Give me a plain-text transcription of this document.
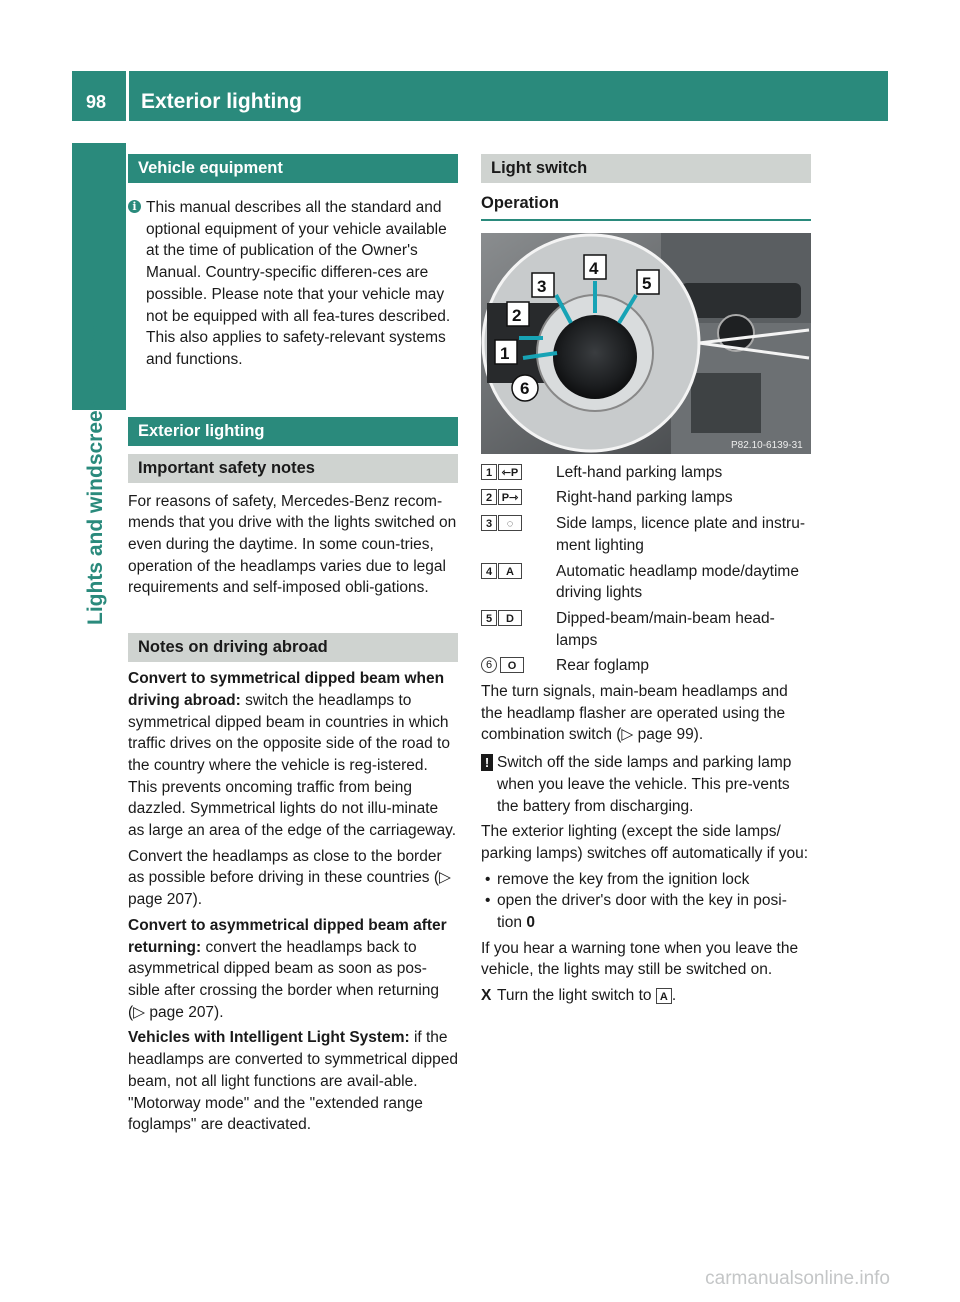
98 Exterior lighting
Lights and windscreen wipers
Vehicle equipment
i This manual describes all the standard and optional equipment of your vehicle available at the time of publication of the Owner's Manual. Country-specific differen-ces are possible. Please note that your vehicle may not be equipped with all fea-tures described. This also applies to safety-relevant systems and functions.

Exterior lighting
Important safety notes

For reasons of safety, Mercedes-Benz recom-mends that you drive with the lights switched on even during the daytime. In some coun-tries, operation of the headlamps varies due to legal requirements and self-imposed obli-gations.

Notes on driving abroad

Convert to symmetrical dipped beam when driving abroad: switch the headlamps to symmetrical dipped beam in countries in which traffic drives on the opposite side of the road to the country where the vehicle is reg-istered. This prevents oncoming traffic from being dazzled. Symmetrical lights do not illu-minate as large an area of the edge of the carriageway.

Convert the headlamps as close to the border as possible before driving in these countries (▷ page 207).

Convert to asymmetrical dipped beam after returning: convert the headlamps back to asymmetrical dipped beam as soon as pos-sible after crossing the border when returning (▷ page 207).

Vehicles with Intelligent Light System: if the headlamps are converted to symmetrical dipped beam, not all light functions are avail-able. "Motorway mode" and the "extended range foglamps" are deactivated.

Light switch
Operation
2
1
3
4
5
6
P82.10-6139-31
1 ⇽P Left-hand parking lamps

2 P⇾ Right-hand parking lamps

3	◌	Side lamps, licence plate and instru-ment lighting

4	A	Automatic headlamp mode/daytime driving lights

5	D	Dipped-beam/main-beam head-lamps

6	O	Rear foglamp

The turn signals, main-beam headlamps and the headlamp flasher are operated using the combination switch (▷ page 99).

! Switch off the side lamps and parking lamp when you leave the vehicle. This pre-vents the battery from discharging.

The exterior lighting (except the side lamps/ parking lamps) switches off automatically if you:

• remove the key from the ignition lock

• open the driver's door with the key in posi-tion 0

If you hear a warning tone when you leave the vehicle, the lights may still be switched on.

X Turn the light switch to A .

carmanualsonline.info
